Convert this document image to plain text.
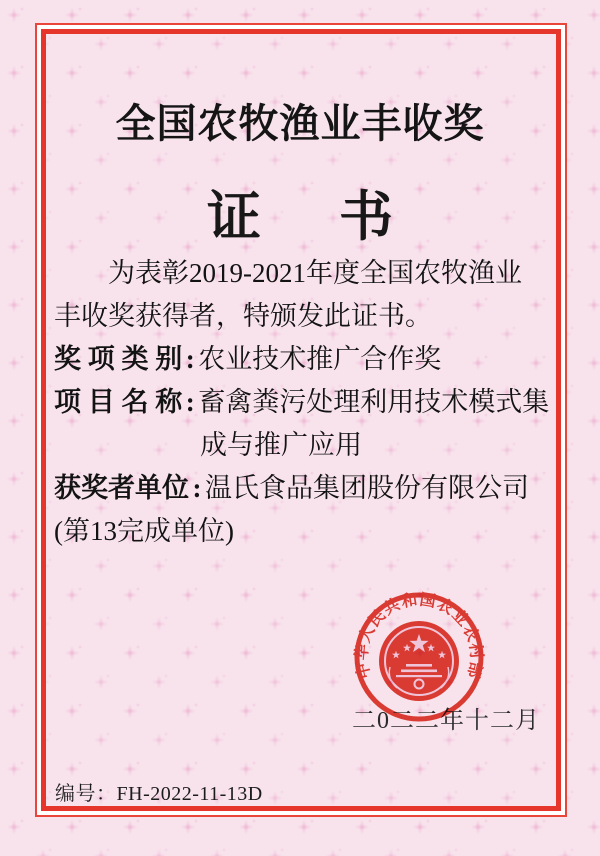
全国农牧渔业丰收奖
证 书
为表彰2019-2021年度全国农牧渔业
丰收奖获得者，特颁发此证书。
奖 项 类 别 : 农业技术推广合作奖
项 目 名 称 : 畜禽粪污处理利用技术模式集
成与推广应用
获奖者单位 : 温氏食品集团股份有限公司
(第13完成单位)
二0二二年十二月
中华人民共和国农业农村部
编号：FH-2022-11-13D
